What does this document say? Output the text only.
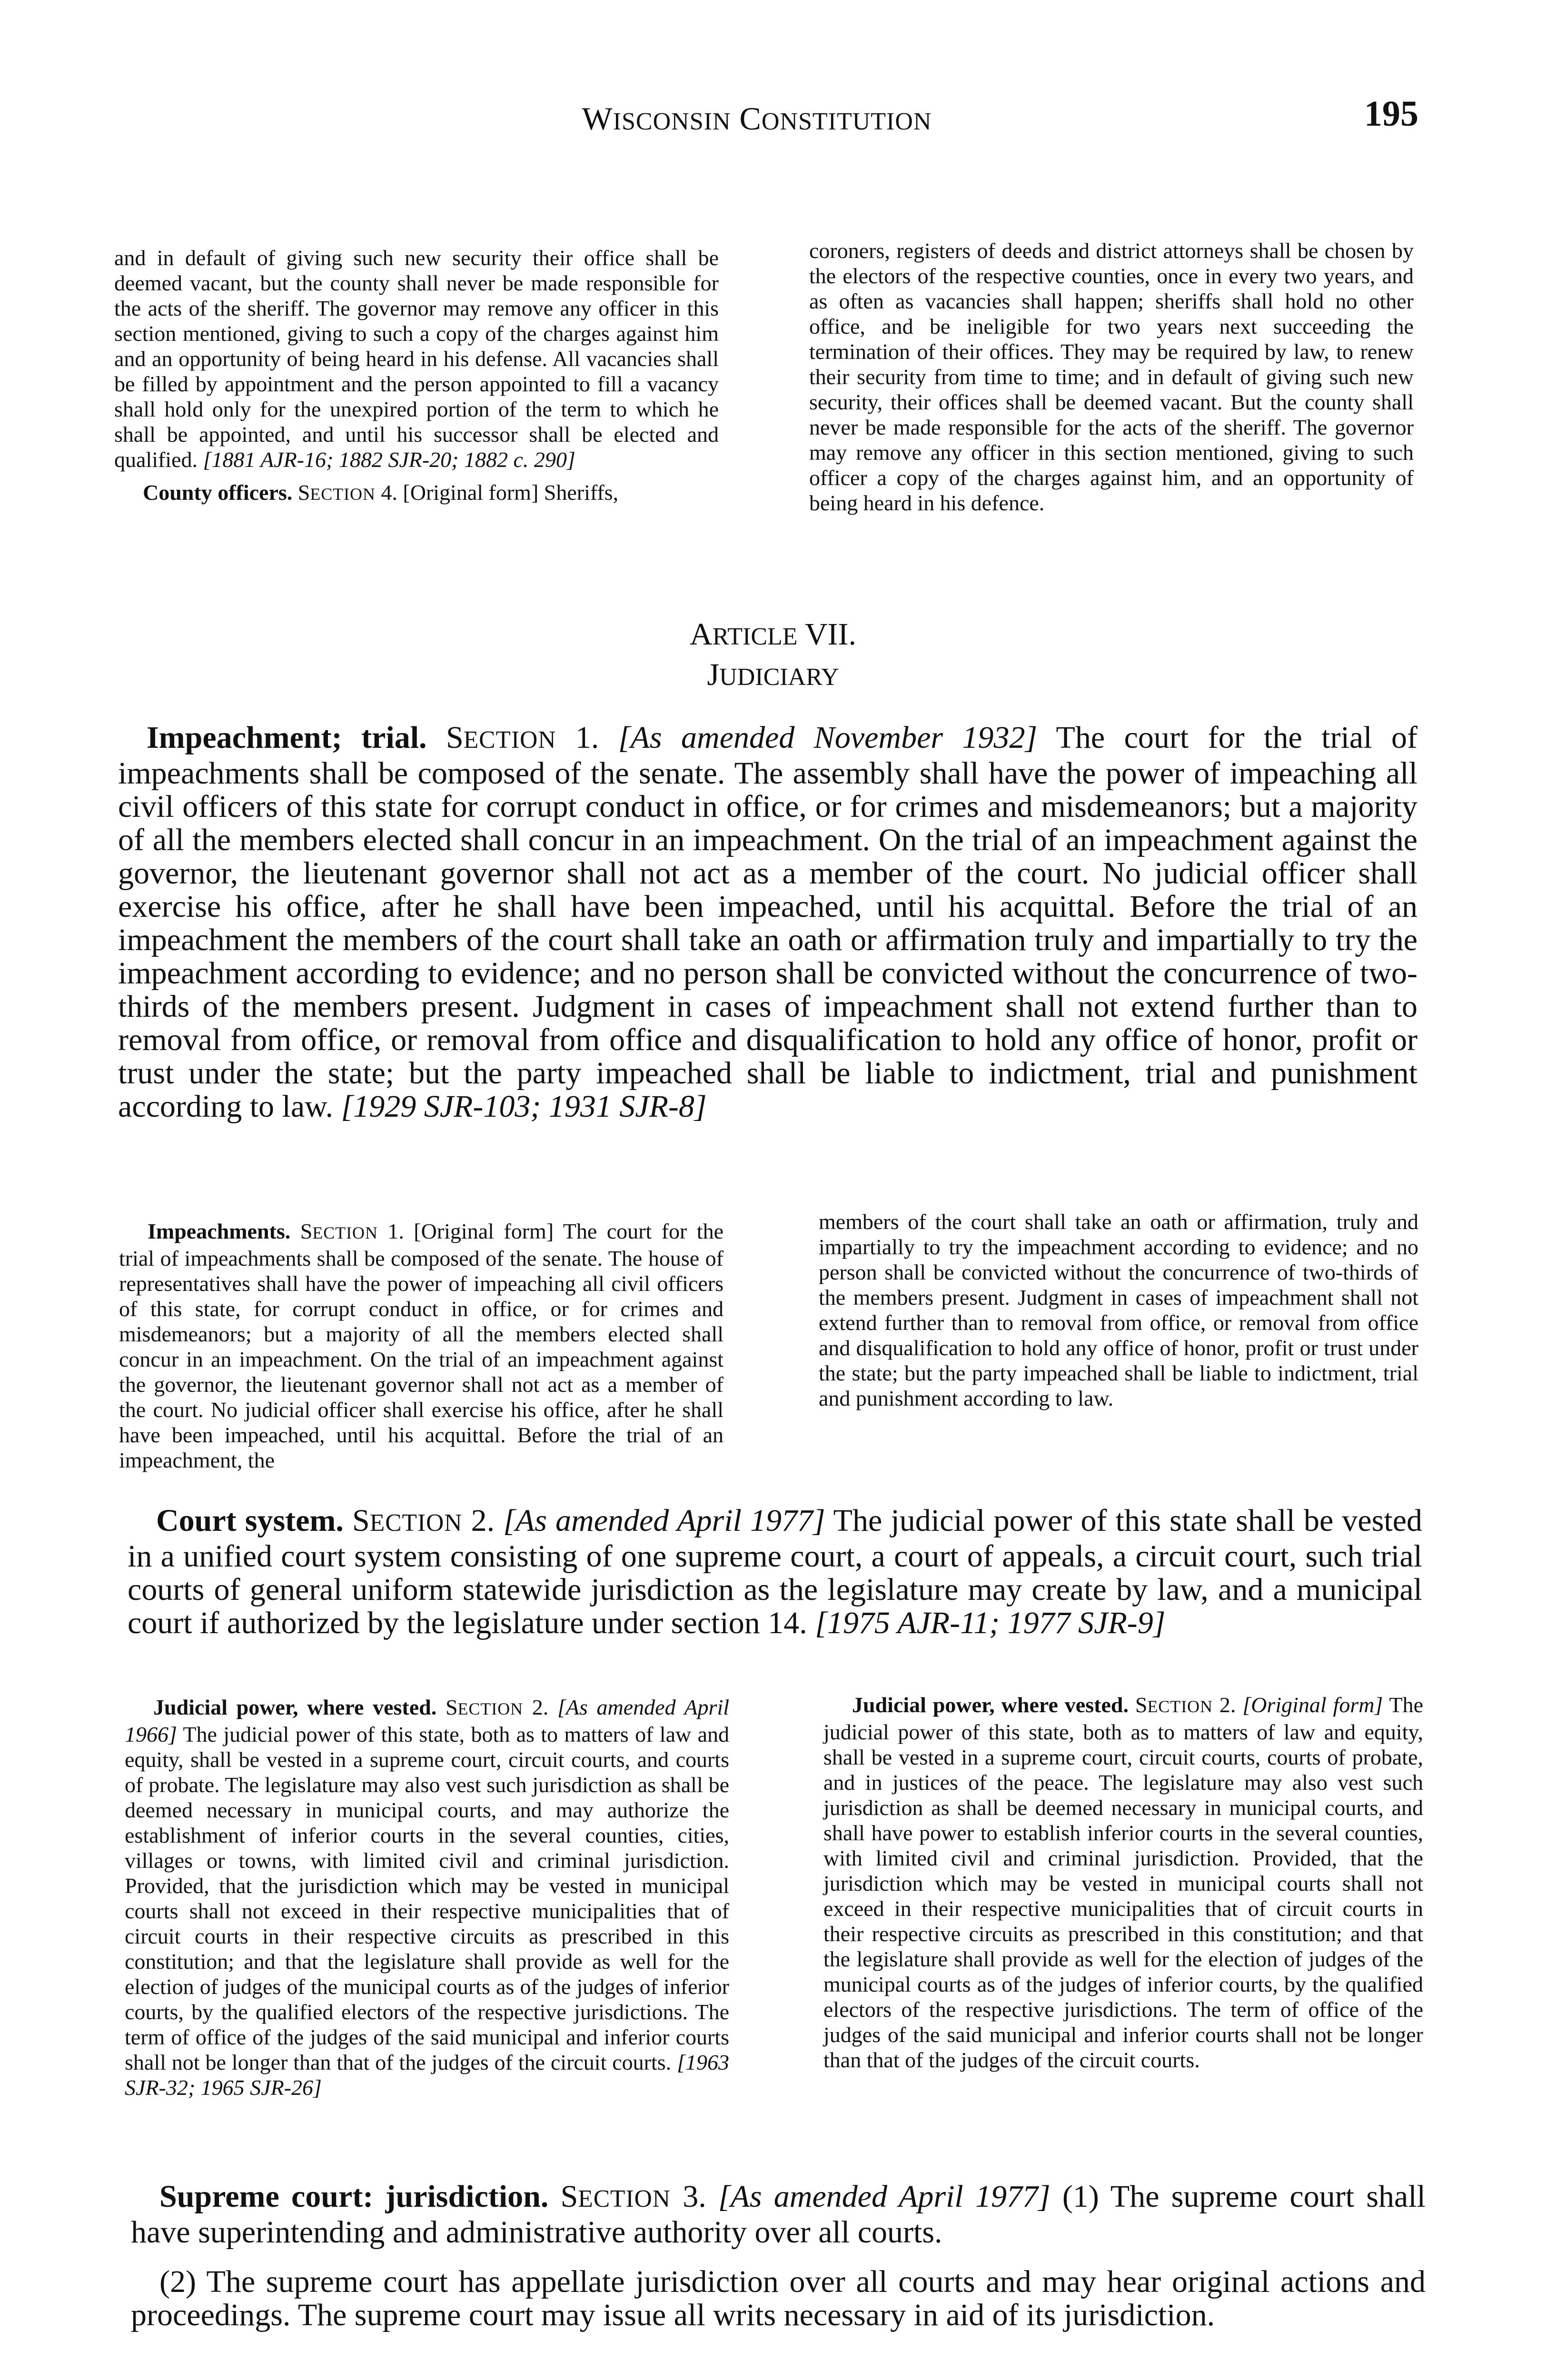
WISCONSIN CONSTITUTION	195

and in default of giving such new security their office shall be deemed vacant, but the county shall never be made responsible for the acts of the sheriff. The governor may remove any officer in this section mentioned, giving to such a copy of the charges against him and an opportunity of being heard in his defense. All vacancies shall be filled by appointment and the person appointed to fill a vacancy shall hold only for the unexpired portion of the term to which he shall be appointed, and until his successor shall be elected and qualified. [1881 AJR-16; 1882 SJR-20; 1882 c. 290]

County officers. SECTION 4. [Original form] Sheriffs,

coroners, registers of deeds and district attorneys shall be chosen by the electors of the respective counties, once in every two years, and as often as vacancies shall happen; sheriffs shall hold no other office, and be ineligible for two years next succeeding the termination of their offices. They may be required by law, to renew their security from time to time; and in default of giving such new security, their offices shall be deemed vacant. But the county shall never be made responsible for the acts of the sheriff. The governor may remove any officer in this section mentioned, giving to such officer a copy of the charges against him, and an opportunity of being heard in his defence.

ARTICLE VII.
JUDICIARY

Impeachment; trial. SECTION 1. [As amended November 1932] The court for the trial of impeachments shall be composed of the senate. The assembly shall have the power of impeaching all civil officers of this state for corrupt conduct in office, or for crimes and misdemeanors; but a majority of all the members elected shall concur in an impeachment. On the trial of an impeachment against the governor, the lieutenant governor shall not act as a member of the court. No judicial officer shall exercise his office, after he shall have been impeached, until his acquittal. Before the trial of an impeachment the members of the court shall take an oath or affirmation truly and impartially to try the impeachment according to evidence; and no person shall be convicted without the concurrence of two-thirds of the members present. Judgment in cases of impeachment shall not extend further than to removal from office, or removal from office and disqualification to hold any office of honor, profit or trust under the state; but the party impeached shall be liable to indictment, trial and punishment according to law. [1929 SJR-103; 1931 SJR-8]

Impeachments. SECTION 1. [Original form] The court for the trial of impeachments shall be composed of the senate. The house of representatives shall have the power of impeaching all civil officers of this state, for corrupt conduct in office, or for crimes and misdemeanors; but a majority of all the members elected shall concur in an impeachment. On the trial of an impeachment against the governor, the lieutenant governor shall not act as a member of the court. No judicial officer shall exercise his office, after he shall have been impeached, until his acquittal. Before the trial of an impeachment, the

members of the court shall take an oath or affirmation, truly and impartially to try the impeachment according to evidence; and no person shall be convicted without the concurrence of two-thirds of the members present. Judgment in cases of impeachment shall not extend further than to removal from office, or removal from office and disqualification to hold any office of honor, profit or trust under the state; but the party impeached shall be liable to indictment, trial and punishment according to law.

Court system. SECTION 2. [As amended April 1977] The judicial power of this state shall be vested in a unified court system consisting of one supreme court, a court of appeals, a circuit court, such trial courts of general uniform statewide jurisdiction as the legislature may create by law, and a municipal court if authorized by the legislature under section 14. [1975 AJR-11; 1977 SJR-9]

Judicial power, where vested. SECTION 2. [As amended April 1966] The judicial power of this state, both as to matters of law and equity, shall be vested in a supreme court, circuit courts, and courts of probate. The legislature may also vest such jurisdiction as shall be deemed necessary in municipal courts, and may authorize the establishment of inferior courts in the several counties, cities, villages or towns, with limited civil and criminal jurisdiction. Provided, that the jurisdiction which may be vested in municipal courts shall not exceed in their respective municipalities that of circuit courts in their respective circuits as prescribed in this constitution; and that the legislature shall provide as well for the election of judges of the municipal courts as of the judges of inferior courts, by the qualified electors of the respective jurisdictions. The term of office of the judges of the said municipal and inferior courts shall not be longer than that of the judges of the circuit courts. [1963 SJR-32; 1965 SJR-26]

Judicial power, where vested. SECTION 2. [Original form] The judicial power of this state, both as to matters of law and equity, shall be vested in a supreme court, circuit courts, courts of probate, and in justices of the peace. The legislature may also vest such jurisdiction as shall be deemed necessary in municipal courts, and shall have power to establish inferior courts in the several counties, with limited civil and criminal jurisdiction. Provided, that the jurisdiction which may be vested in municipal courts shall not exceed in their respective municipalities that of circuit courts in their respective circuits as prescribed in this constitution; and that the legislature shall provide as well for the election of judges of the municipal courts as of the judges of inferior courts, by the qualified electors of the respective jurisdictions. The term of office of the judges of the said municipal and inferior courts shall not be longer than that of the judges of the circuit courts.

Supreme court: jurisdiction. SECTION 3. [As amended April 1977] (1) The supreme court shall have superintending and administrative authority over all courts.

(2) The supreme court has appellate jurisdiction over all courts and may hear original actions and proceedings. The supreme court may issue all writs necessary in aid of its jurisdiction.
